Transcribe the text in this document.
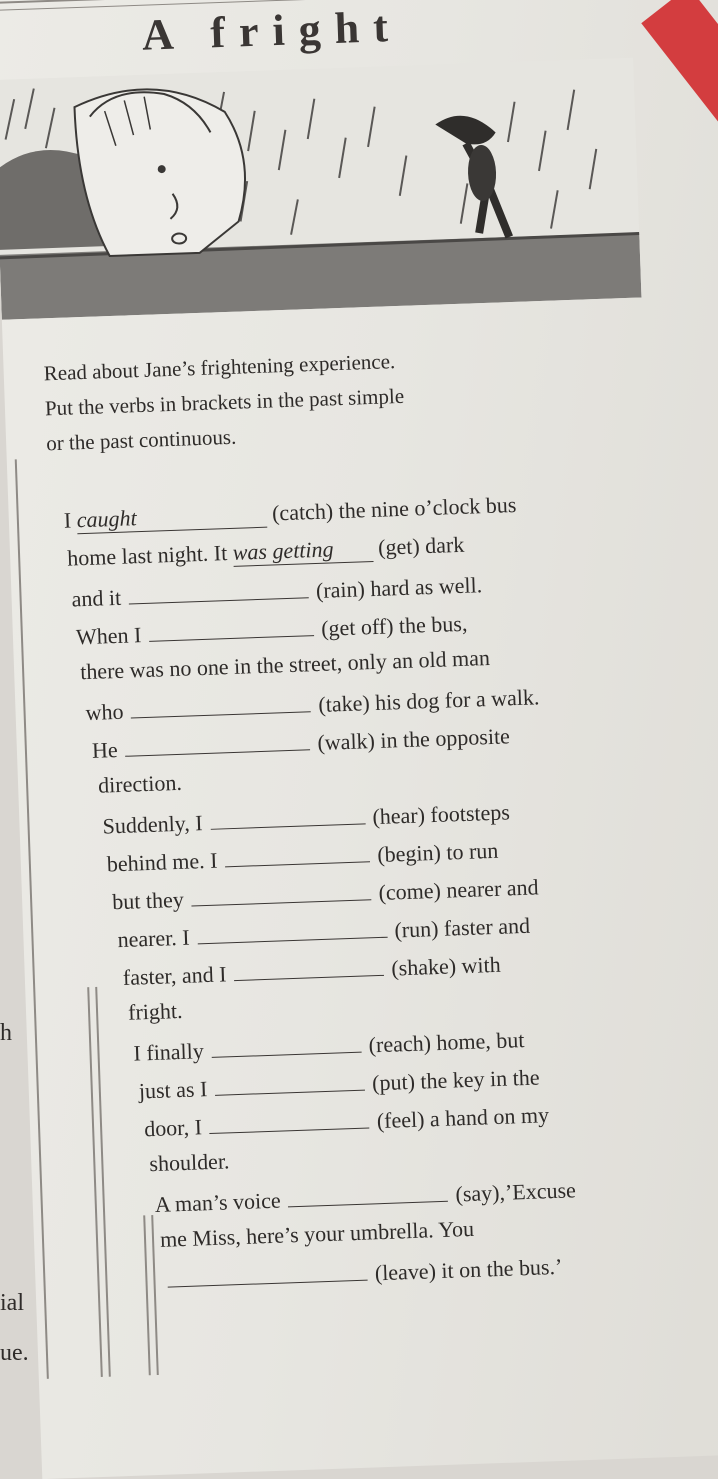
A fright
Read about Jane’s frightening experience.
Put the verbs in brackets in the past simple
or the past continuous.
I caught	(catch) the nine o’clock bus
home last night. It was getting (get) dark
and it	(rain) hard as well.
When I	(get off) the bus,
there was no one in the street, only an old man
who	(take) his dog for a walk.
He	(walk) in the opposite
direction.
Suddenly, I	(hear) footsteps
behind me. I	(begin) to run
but they	(come) nearer and
nearer. I	(run) faster and
faster, and I	(shake) with
fright.
I finally	(reach) home, but
just as I	(put) the key in the
door, I	(feel) a hand on my
shoulder.
A man’s voice	(say),’Excuse
me Miss, here’s your umbrella. You
(leave) it on the bus.’
h
ial
ue.
